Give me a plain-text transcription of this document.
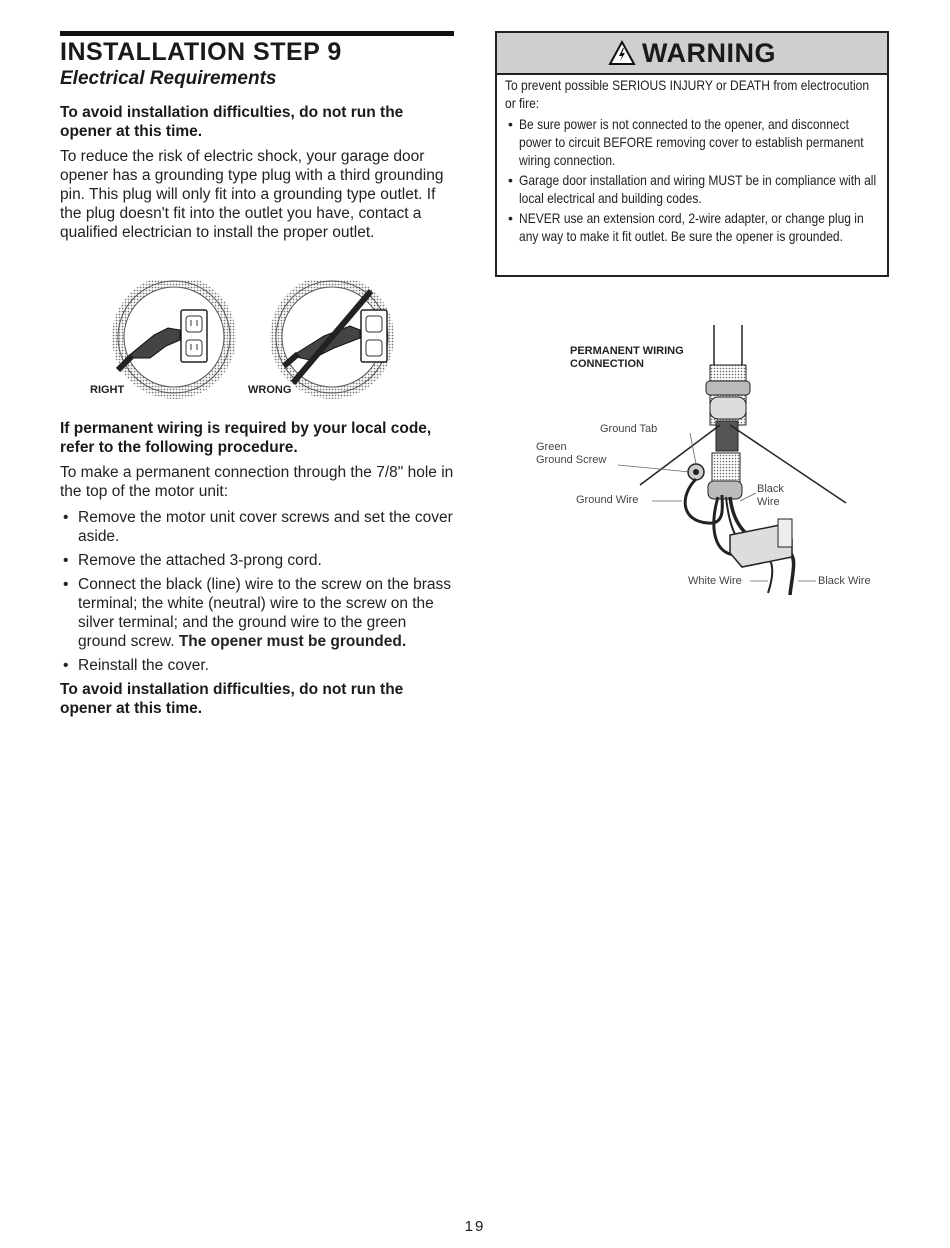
INSTALLATION STEP 9
Electrical Requirements

To avoid installation difficulties, do not run the opener at this time.

To reduce the risk of electric shock, your garage door opener has a grounding type plug with a third grounding pin. This plug will only fit into a grounding type outlet. If the plug doesn't fit into the outlet you have, contact a qualified electrician to install the proper outlet.

RIGHT	WRONG

If permanent wiring is required by your local code, refer to the following procedure.

To make a permanent connection through the 7/8" hole in the top of the motor unit:

• Remove the motor unit cover screws and set the cover aside.
• Remove the attached 3-prong cord.
• Connect the black (line) wire to the screw on the brass terminal; the white (neutral) wire to the screw on the silver terminal; and the ground wire to the green ground screw. The opener must be grounded.
• Reinstall the cover.

To avoid installation difficulties, do not run the opener at this time.

WARNING

To prevent possible SERIOUS INJURY or DEATH from electrocution or fire:

• Be sure power is not connected to the opener, and disconnect power to circuit BEFORE removing cover to establish permanent wiring connection.
• Garage door installation and wiring MUST be in compliance with all local electrical and building codes.
• NEVER use an extension cord, 2-wire adapter, or change plug in any way to make it fit outlet. Be sure the opener is grounded.
PERMANENT WIRING
CONNECTION
Ground Tab
Green
Ground Screw
Ground Wire
Black
Wire
White Wire	Black Wire
19
